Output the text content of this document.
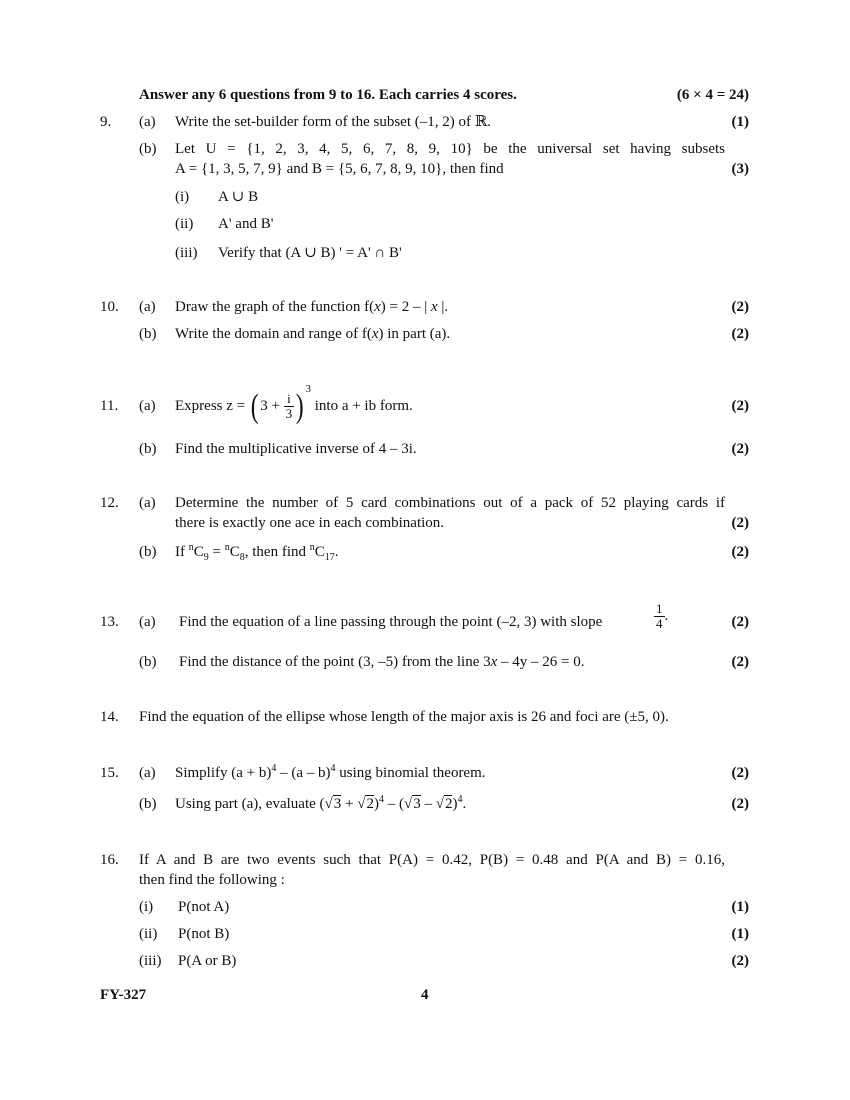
Answer any 6 questions from 9 to 16. Each carries 4 scores.	(6 × 4 = 24)
9. (a) Write the set-builder form of the subset (–1, 2) of ℝ.	(1)
(b) Let U = {1, 2, 3, 4, 5, 6, 7, 8, 9, 10} be the universal set having subsets
A = {1, 3, 5, 7, 9} and B = {5, 6, 7, 8, 9, 10}, then find	(3)
(i) A ∪ B
(ii) A' and B'
(iii) Verify that (A ∪ B) ' = A' ∩ B'
10. (a) Draw the graph of the function f(x) = 2 – | x |.	(2)
(b) Write the domain and range of f(x) in part (a).	(2)
11. (a) Express z = ( $3 + \frac{i}{3}$ ) $^3$ into a + ib form.	(2)
(b) Find the multiplicative inverse of 4 – 3i.	(2)
12. (a) Determine the number of 5 card combinations out of a pack of 52 playing cards if
there is exactly one ace in each combination.	(2)
(b) If $^nC_9 = ^nC_8$, then find $^nC_{17}$.	(2)
13. (a) Find the equation of a line passing through the point (–2, 3) with slope	$\frac{1}{4}$ .	(2)
(b) Find the distance of the point (3, –5) from the line 3x – 4y – 26 = 0.	(2)
14. Find the equation of the ellipse whose length of the major axis is 26 and foci are (±5, 0).
15. (a) Simplify $(a + b)^4 - (a - b)^4$ using binomial theorem.	(2)
(b) Using part (a), evaluate $(√3 + √2)^4 - (√3 - √2)^4$.	(2)
16. If A and B are two events such that P(A) = 0.42, P(B) = 0.48 and P(A and B) = 0.16,
then find the following :
(i) P(not A)	(1)
(ii) P(not B)	(1)
(iii) P(A or B)	(2)
FY-327	4
